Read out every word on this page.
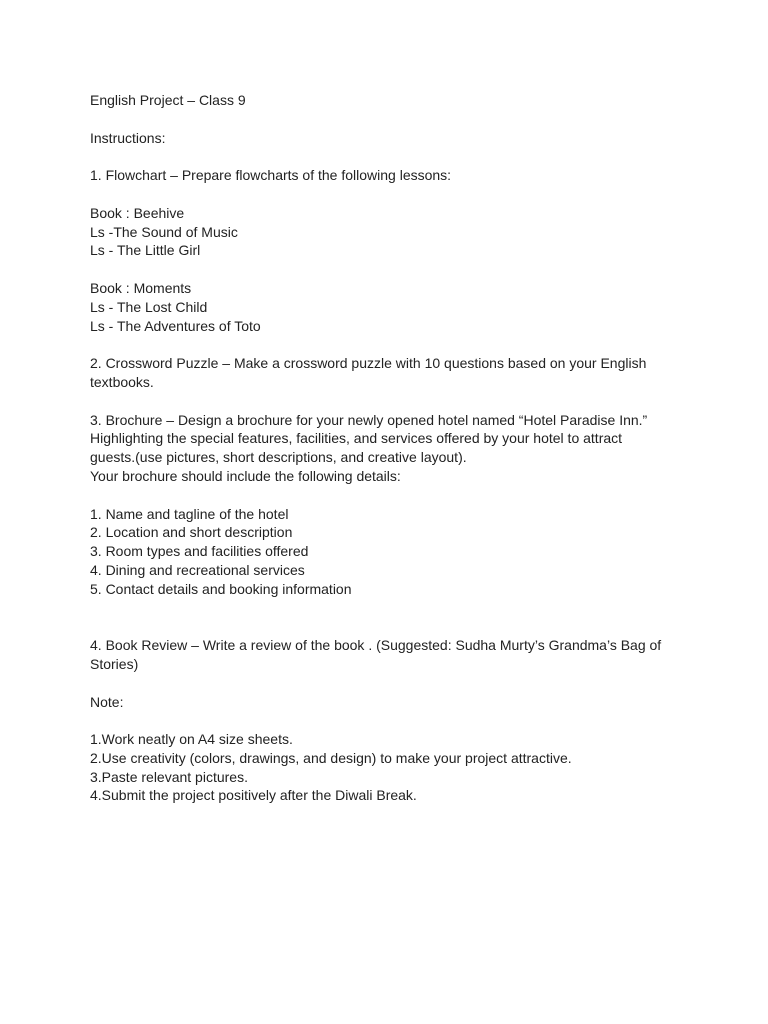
English Project – Class 9

Instructions:

1. Flowchart – Prepare flowcharts of the following lessons:

Book : Beehive

Ls -The Sound of Music

Ls - The Little Girl

Book : Moments

Ls - The Lost Child

Ls - The Adventures of Toto

2. Crossword Puzzle – Make a crossword puzzle with 10 questions based on your English

textbooks.

3. Brochure – Design a brochure for your newly opened hotel named “Hotel Paradise Inn.”

Highlighting the special features, facilities, and services offered by your hotel to attract

guests.(use pictures, short descriptions, and creative layout).

Your brochure should include the following details:

1. Name and tagline of the hotel

2. Location and short description

3. Room types and facilities offered

4. Dining and recreational services

5. Contact details and booking information

4. Book Review – Write a review of the book . (Suggested: Sudha Murty’s Grandma’s Bag of

Stories)

Note:

1.Work neatly on A4 size sheets.

2.Use creativity (colors, drawings, and design) to make your project attractive.

3.Paste relevant pictures.

4.Submit the project positively after the Diwali Break.
